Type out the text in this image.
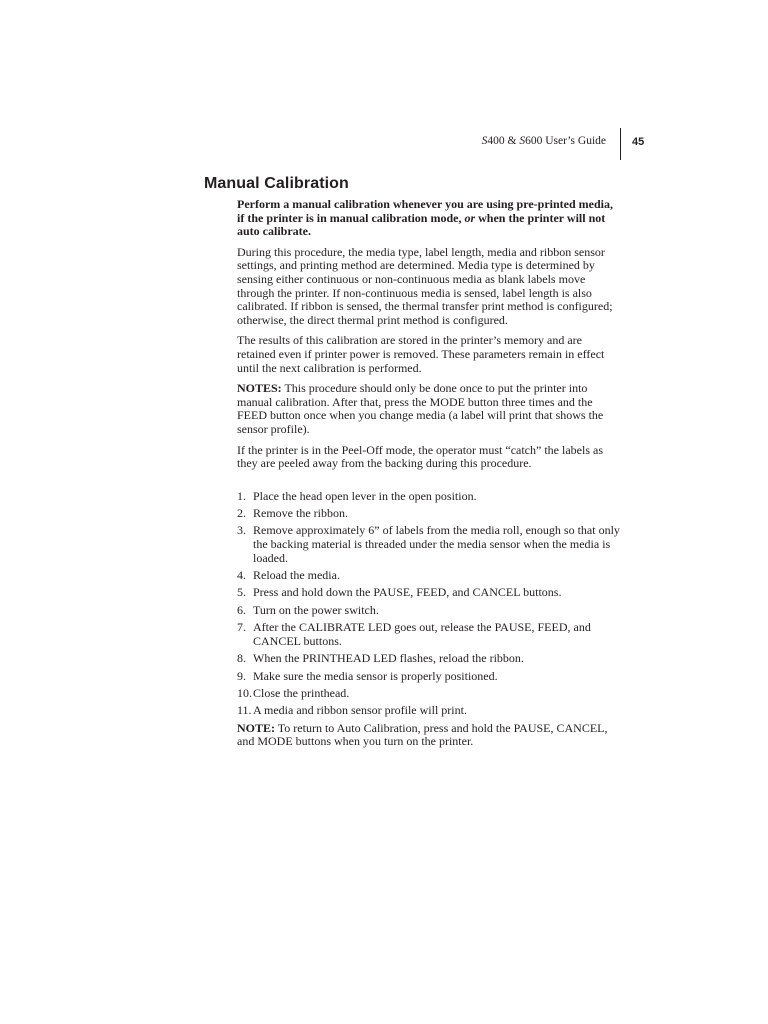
S400 & S600 User’s Guide 45
Manual Calibration

Perform a manual calibration whenever you are using pre-printed media, if the printer is in manual calibration mode, or when the printer will not auto calibrate.

During this procedure, the media type, label length, media and ribbon sensor settings, and printing method are determined. Media type is determined by sensing either continuous or non-continuous media as blank labels move through the printer. If non-continuous media is sensed, label length is also calibrated. If ribbon is sensed, the thermal transfer print method is configured; otherwise, the direct thermal print method is configured.

The results of this calibration are stored in the printer’s memory and are retained even if printer power is removed. These parameters remain in effect until the next calibration is performed.

NOTES: This procedure should only be done once to put the printer into manual calibration. After that, press the MODE button three times and the FEED button once when you change media (a label will print that shows the sensor profile).

If the printer is in the Peel-Off mode, the operator must “catch” the labels as they are peeled away from the backing during this procedure.

1. Place the head open lever in the open position.
2. Remove the ribbon.
3. Remove approximately 6” of labels from the media roll, enough so that only the backing material is threaded under the media sensor when the media is loaded.
4. Reload the media.
5. Press and hold down the PAUSE, FEED, and CANCEL buttons.
6. Turn on the power switch.
7. After the CALIBRATE LED goes out, release the PAUSE, FEED, and CANCEL buttons.
8. When the PRINTHEAD LED flashes, reload the ribbon.
9. Make sure the media sensor is properly positioned.
10. Close the printhead.
11. A media and ribbon sensor profile will print.

NOTE: To return to Auto Calibration, press and hold the PAUSE, CANCEL, and MODE buttons when you turn on the printer.
